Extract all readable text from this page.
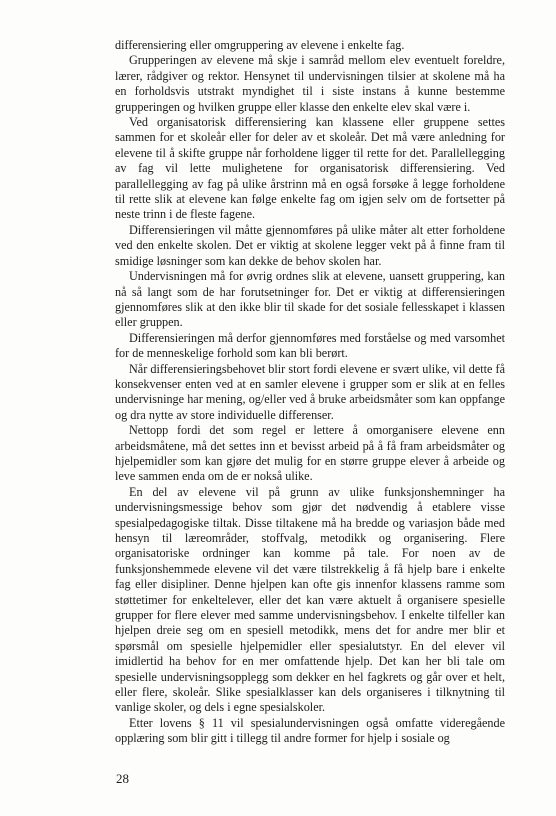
differensiering eller omgruppering av elevene i enkelte fag.

Grupperingen av elevene må skje i samråd mellom elev eventuelt foreldre, lærer, rådgiver og rektor. Hensynet til undervisningen tilsier at skolene må ha en forholdsvis utstrakt myndighet til i siste instans å kunne bestemme grupperingen og hvilken gruppe eller klasse den enkelte elev skal være i.

Ved organisatorisk differensiering kan klassene eller gruppene settes sammen for et skoleår eller for deler av et skoleår. Det må være anledning for elevene til å skifte gruppe når forholdene ligger til rette for det. Parallellegging av fag vil lette mulighetene for organisatorisk differensiering. Ved parallellegging av fag på ulike årstrinn må en også forsøke å legge forholdene til rette slik at elevene kan følge enkelte fag om igjen selv om de fortsetter på neste trinn i de fleste fagene.

Differensieringen vil måtte gjennomføres på ulike måter alt etter forholdene ved den enkelte skolen. Det er viktig at skolene legger vekt på å finne fram til smidige løsninger som kan dekke de behov skolen har.

Undervisningen må for øvrig ordnes slik at elevene, uansett gruppering, kan nå så langt som de har forutsetninger for. Det er viktig at differensieringen gjennomføres slik at den ikke blir til skade for det sosiale fellesskapet i klassen eller gruppen.

Differensieringen må derfor gjennomføres med forståelse og med varsomhet for de menneskelige forhold som kan bli berørt.

Når differensieringsbehovet blir stort fordi elevene er svært ulike, vil dette få konsekvenser enten ved at en samler elevene i grupper som er slik at en felles undervisninge har mening, og/eller ved å bruke arbeidsmåter som kan oppfange og dra nytte av store individuelle differenser.

Nettopp fordi det som regel er lettere å omorganisere elevene enn arbeidsmåtene, må det settes inn et bevisst arbeid på å få fram arbeidsmåter og hjelpemidler som kan gjøre det mulig for en større gruppe elever å arbeide og leve sammen enda om de er nokså ulike.

En del av elevene vil på grunn av ulike funksjonshemninger ha undervisningsmessige behov som gjør det nødvendig å etablere visse spesialpedagogiske tiltak. Disse tiltakene må ha bredde og variasjon både med hensyn til læreområder, stoffvalg, metodikk og organisering. Flere organisatoriske ordninger kan komme på tale. For noen av de funksjonshemmede elevene vil det være tilstrekkelig å få hjelp bare i enkelte fag eller disipliner. Denne hjelpen kan ofte gis innenfor klassens ramme som støttetimer for enkeltelever, eller det kan være aktuelt å organisere spesielle grupper for flere elever med samme undervisningsbehov. I enkelte tilfeller kan hjelpen dreie seg om en spesiell metodikk, mens det for andre mer blir et spørsmål om spesielle hjelpemidler eller spesialutstyr. En del elever vil imidlertid ha behov for en mer omfattende hjelp. Det kan her bli tale om spesielle undervisningsopplegg som dekker en hel fagkrets og går over et helt, eller flere, skoleår. Slike spesialklasser kan dels organiseres i tilknytning til vanlige skoler, og dels i egne spesialskoler.

Etter lovens § 11 vil spesialundervisningen også omfatte videregående opplæring som blir gitt i tillegg til andre former for hjelp i sosiale og

28
